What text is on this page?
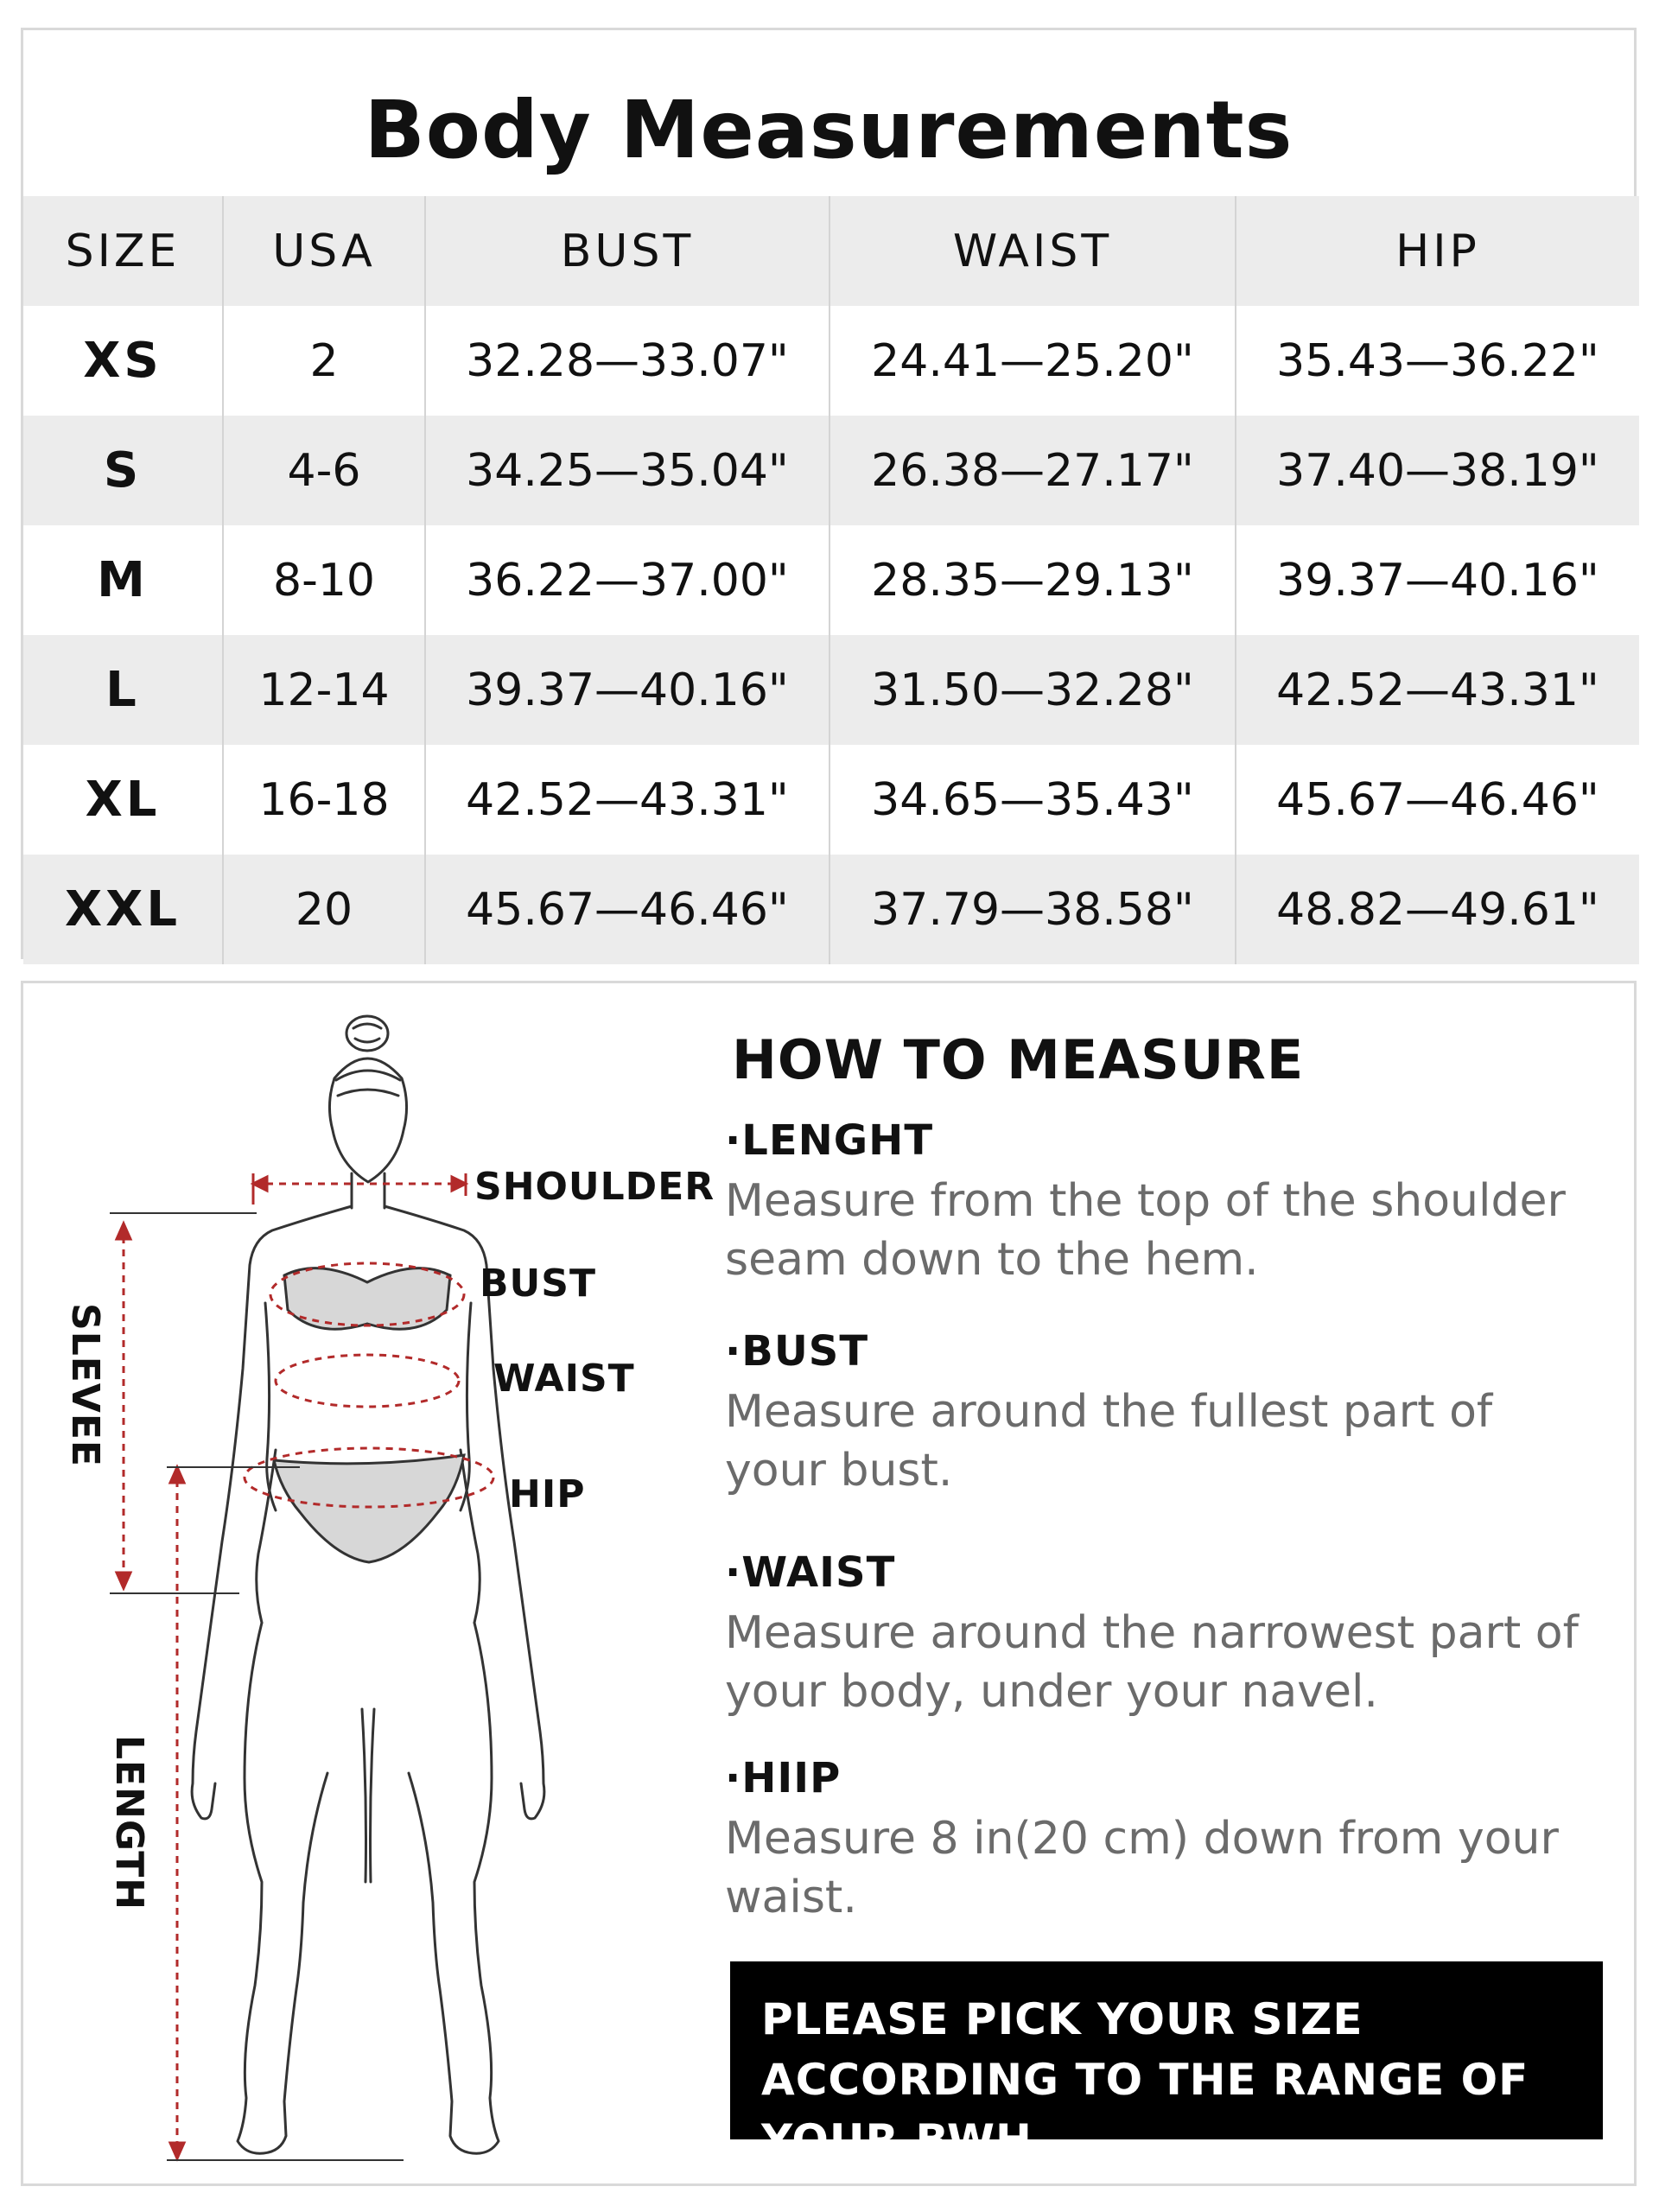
Body Measurements
SIZE	USA	BUST	WAIST	HIP
XS	2	32.28—33.07"	24.41—25.20"	35.43—36.22"
S	4-6	34.25—35.04"	26.38—27.17"	37.40—38.19"
M	8-10	36.22—37.00"	28.35—29.13"	39.37—40.16"
L	12-14	39.37—40.16"	31.50—32.28"	42.52—43.31"
XL	16-18	42.52—43.31"	34.65—35.43"	45.67—46.46"
XXL	20	45.67—46.46"	37.79—38.58"	48.82—49.61"
SHOULDER
BUST
WAIST
HIP
SLEVEE
LENGTH
HOW TO MEASURE
·LENGHT
Measure from the top of the shoulder seam down to the hem.
·BUST
Measure around the fullest part of your bust.
·WAIST
Measure around the narrowest part of your body, under your navel.
·HIIP
Measure 8 in(20 cm) down from your waist.
PLEASE PICK YOUR SIZE ACCORDING TO THE RANGE OF YOUR BWH.
